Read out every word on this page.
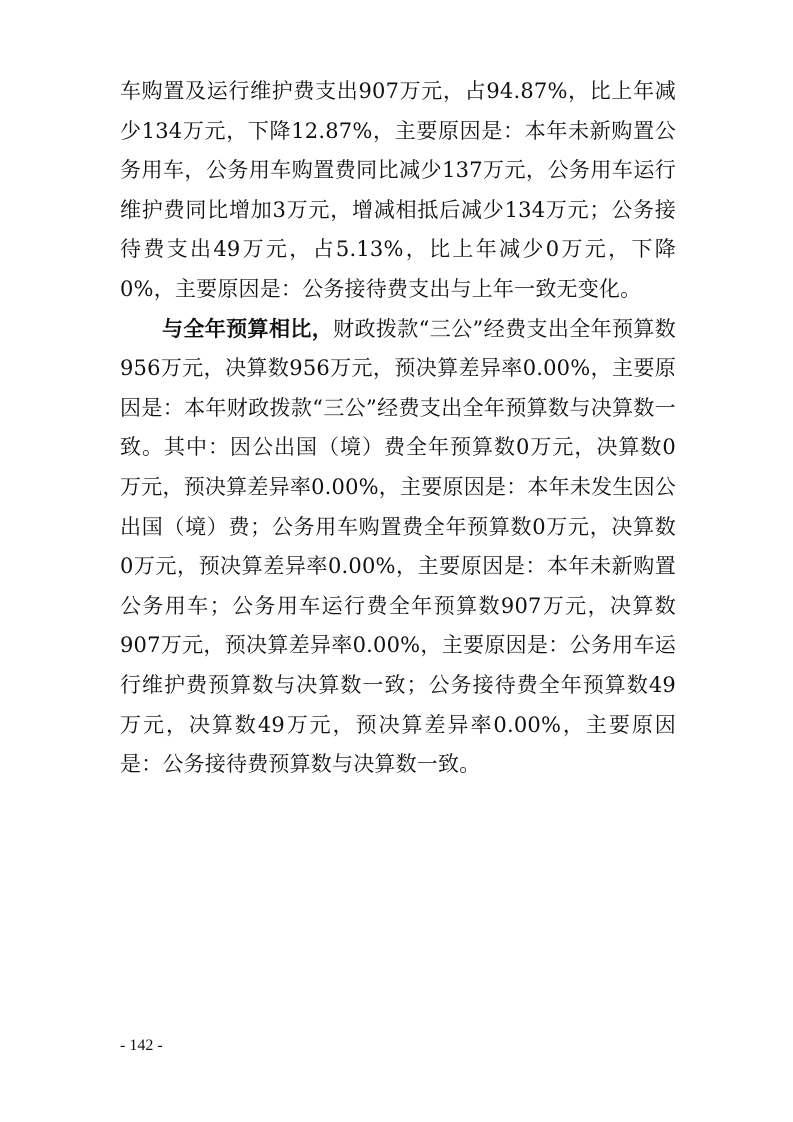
车购置及运行维护费支出907万元，占94.87%，比上年减少134万元，下降12.87%，主要原因是：本年未新购置公务用车，公务用车购置费同比减少137万元，公务用车运行维护费同比增加3万元，增减相抵后减少134万元；公务接待费支出49万元，占5.13%，比上年减少0万元，下降0%，主要原因是：公务接待费支出与上年一致无变化。

与全年预算相比，财政拨款“三公”经费支出全年预算数956万元，决算数956万元，预决算差异率0.00%，主要原因是：本年财政拨款“三公”经费支出全年预算数与决算数一致。其中：因公出国（境）费全年预算数0万元，决算数0万元，预决算差异率0.00%，主要原因是：本年未发生因公出国（境）费；公务用车购置费全年预算数0万元，决算数0万元，预决算差异率0.00%，主要原因是：本年未新购置公务用车；公务用车运行费全年预算数907万元，决算数907万元，预决算差异率0.00%，主要原因是：公务用车运行维护费预算数与决算数一致；公务接待费全年预算数49万元，决算数49万元，预决算差异率0.00%，主要原因是：公务接待费预算数与决算数一致。

- 142 -
